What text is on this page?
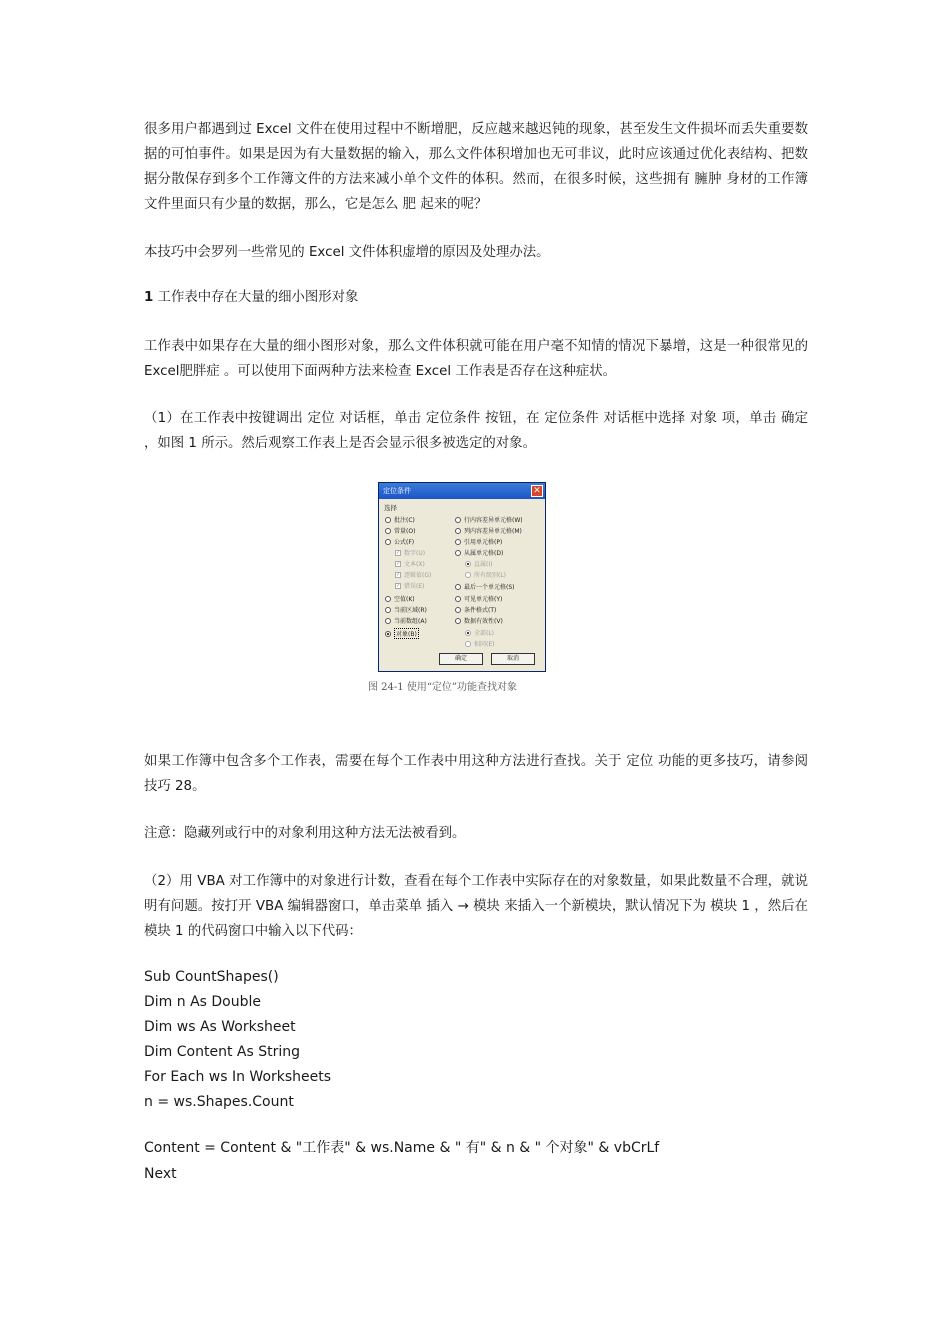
很多用户都遇到过 Excel 文件在使用过程中不断增肥，反应越来越迟钝的现象，甚至发生文件损坏而丢失重要数据的可怕事件。如果是因为有大量数据的输入，那么文件体积增加也无可非议，此时应该通过优化表结构、把数据分散保存到多个工作簿文件的方法来减小单个文件的体积。然而，在很多时候，这些拥有 臃肿 身材的工作簿文件里面只有少量的数据，那么，它是怎么 肥 起来的呢？

本技巧中会罗列一些常见的 Excel 文件体积虚增的原因及处理办法。

1 工作表中存在大量的细小图形对象

工作表中如果存在大量的细小图形对象，那么文件体积就可能在用户毫不知情的情况下暴增，这是一种很常见的 Excel肥胖症 。可以使用下面两种方法来检查 Excel 工作表是否存在这种症状。

（1）在工作表中按键调出 定位 对话框，单击 定位条件 按钮，在 定位条件 对话框中选择 对象 项，单击 确定 ，如图 1 所示。然后观察工作表上是否会显示很多被选定的对象。

定位条件	✕
选择
批注(C)
常量(O)
公式(F)
✓ 数字(U)
✓ 文本(X)
✓ 逻辑值(G)
✓ 错误(E)
空值(K)
当前区域(R)
当前数组(A)
对象(B)
行内容差异单元格(W)
列内容差异单元格(M)
引用单元格(P)
从属单元格(D)
直属(I)
所有级别(L)
最后一个单元格(S)
可见单元格(Y)
条件格式(T)
数据有效性(V)
全部(L)
相同(E)
确定	取消
图 24-1 使用“定位”功能查找对象

如果工作簿中包含多个工作表，需要在每个工作表中用这种方法进行查找。关于 定位 功能的更多技巧，请参阅技巧 28。

注意：隐藏列或行中的对象利用这种方法无法被看到。

（2）用 VBA 对工作簿中的对象进行计数，查看在每个工作表中实际存在的对象数量，如果此数量不合理，就说明有问题。按打开 VBA 编辑器窗口，单击菜单 插入 → 模块 来插入一个新模块，默认情况下为 模块 1 ，然后在模块 1 的代码窗口中输入以下代码：

Sub CountShapes()
Dim n As Double
Dim ws As Worksheet
Dim Content As String
For Each ws In Worksheets
n = ws.Shapes.Count
Content = Content & "工作表" & ws.Name & " 有" & n & " 个对象" & vbCrLf
Next
